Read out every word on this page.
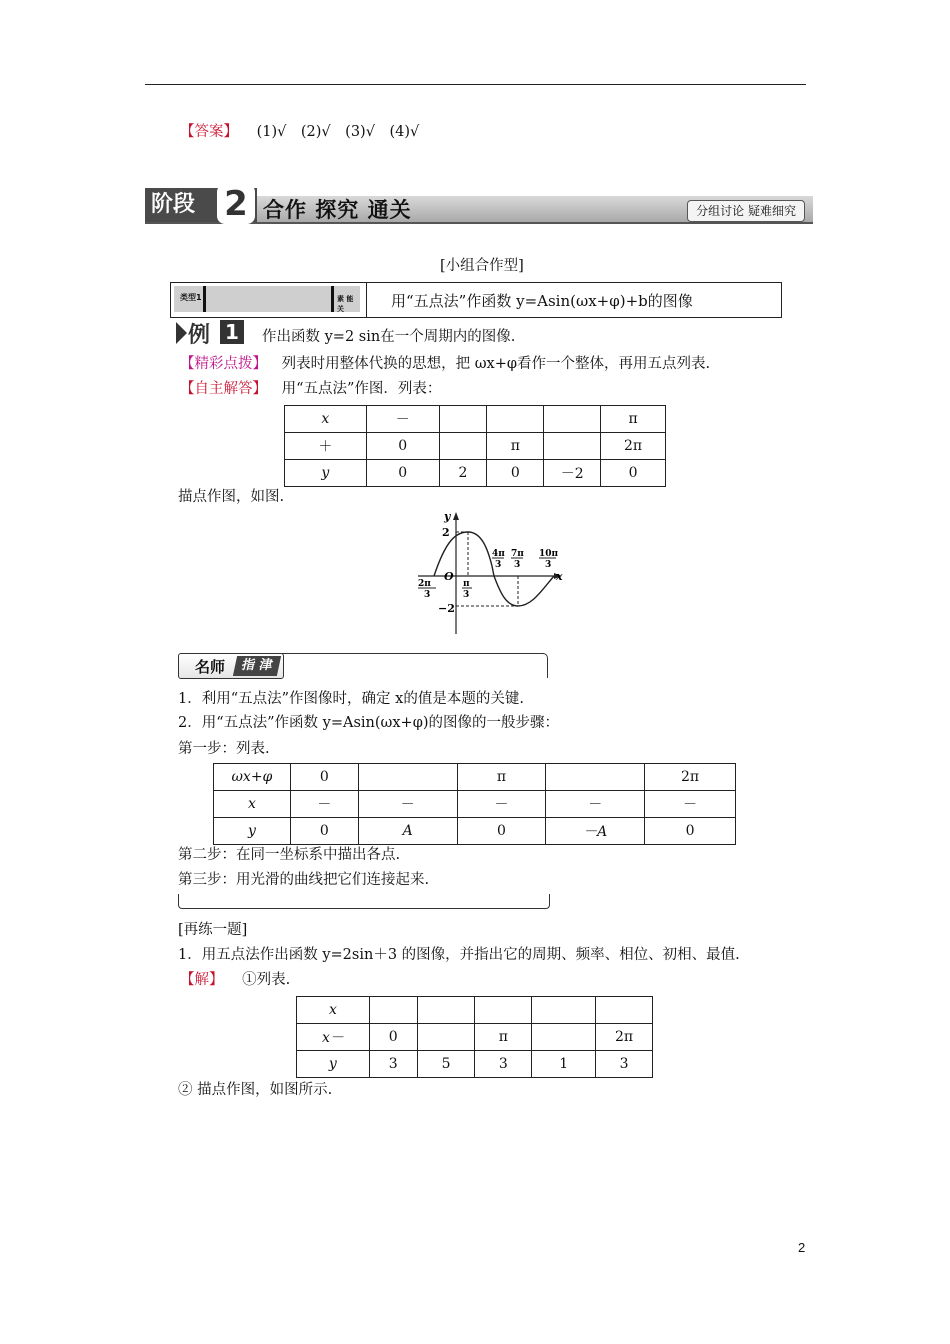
【答案】 (1)√　(2)√　(3)√　(4)√
阶段 2 合作 探究 通关	分组讨论 疑难细究
[小组合作型]
类型1	素 能 关	用“五点法”作函数 y=Asin(ωx+φ)+b的图像
例 1	作出函数 y=2 sin在一个周期内的图像.
【精彩点拨】 列表时用整体代换的思想，把 ωx+φ看作一个整体，再用五点列表.
【自主解答】 用“五点法”作图．列表：
x	－				π
＋	0		π		2π
y	0	2	0	－2	0
描点作图，如图.
y
x
2
−2
O
2π
3
π
3
4π
3
7π
3
10π
3
名师	指 津
1．利用“五点法”作图像时，确定 x的值是本题的关键.
2．用“五点法”作函数 y=Asin(ωx+φ)的图像的一般步骤：
第一步：列表.
ωx+φ	0		π		2π
x	－	－	－	－	－
y	0	A	0	－A	0
第二步：在同一坐标系中描出各点.
第三步：用光滑的曲线把它们连接起来.
[再练一题]
1．用五点法作出函数 y=2sin＋3 的图像，并指出它的周期、频率、相位、初相、最值.
【解】 ①列表.
x					
x－	0		π		2π
y	3	5	3	1	3
② 描点作图，如图所示.
2
